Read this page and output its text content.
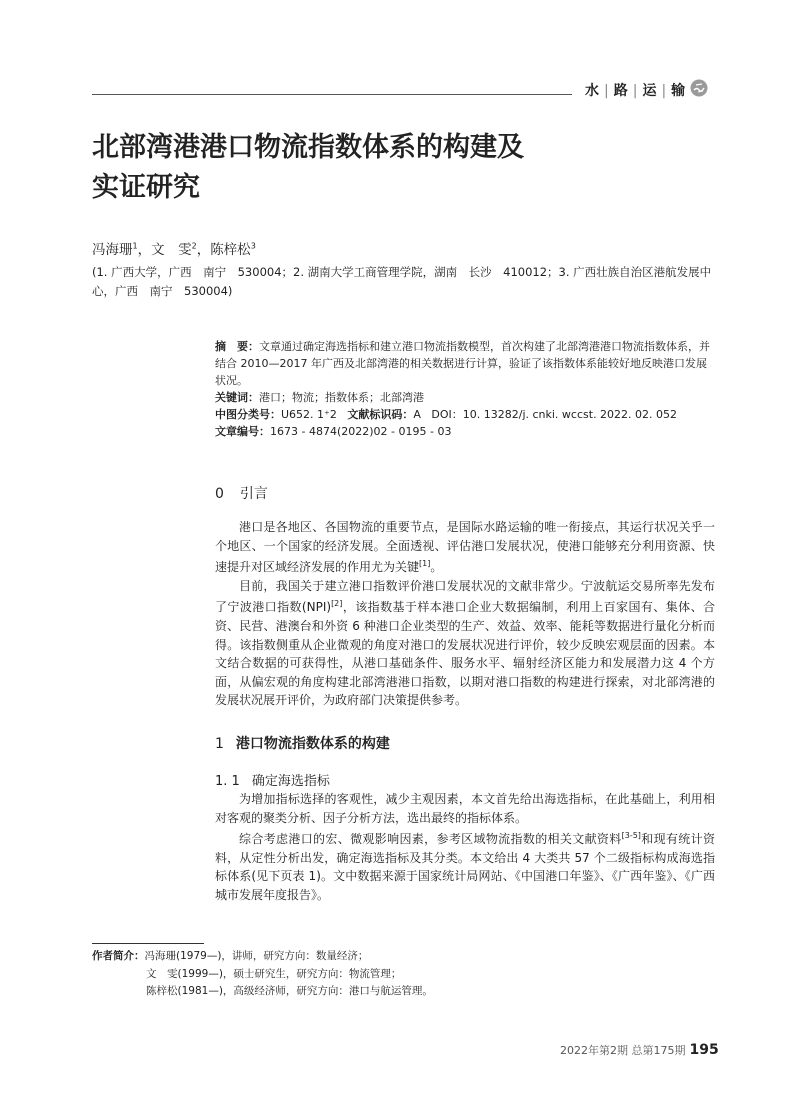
水 | 路 | 运 | 输
北部湾港港口物流指数体系的构建及
实证研究
冯海珊$^1$，文　雯$^2$，陈梓松$^3$
(1. 广西大学，广西　南宁　530004；2. 湖南大学工商管理学院，湖南　长沙　410012；3. 广西壮族自治区港航发展中心，广西　南宁　530004)
摘　要：文章通过确定海选指标和建立港口物流指数模型，首次构建了北部湾港港口物流指数体系，并结合 2010—2017 年广西及北部湾港的相关数据进行计算，验证了该指数体系能较好地反映港口发展状况。
关键词：港口；物流；指数体系；北部湾港
中图分类号：U652. 1⁺2 文献标识码：A DOI：10. 13282/j. cnki. wccst. 2022. 02. 052
文章编号：1673 - 4874(2022)02 - 0195 - 03
0 引言

港口是各地区、各国物流的重要节点，是国际水路运输的唯一衔接点，其运行状况关乎一个地区、一个国家的经济发展。全面透视、评估港口发展状况，使港口能够充分利用资源、快速提升对区域经济发展的作用尤为关键[1]。

目前，我国关于建立港口指数评价港口发展状况的文献非常少。宁波航运交易所率先发布了宁波港口指数(NPI)[2]，该指数基于样本港口企业大数据编制，利用上百家国有、集体、合资、民营、港澳台和外资 6 种港口企业类型的生产、效益、效率、能耗等数据进行量化分析而得。该指数侧重从企业微观的角度对港口的发展状况进行评价，较少反映宏观层面的因素。本文结合数据的可获得性，从港口基础条件、服务水平、辐射经济区能力和发展潜力这 4 个方面，从偏宏观的角度构建北部湾港港口指数，以期对港口指数的构建进行探索，对北部湾港的发展状况展开评价，为政府部门决策提供参考。

1 港口物流指数体系的构建
1. 1 确定海选指标

为增加指标选择的客观性，减少主观因素，本文首先给出海选指标，在此基础上，利用相对客观的聚类分析、因子分析方法，选出最终的指标体系。

综合考虑港口的宏、微观影响因素，参考区域物流指数的相关文献资料[3-5]和现有统计资料，从定性分析出发，确定海选指标及其分类。本文给出 4 大类共 57 个二级指标构成海选指标体系(见下页表 1)。文中数据来源于国家统计局网站、《中国港口年鉴》、《广西年鉴》、《广西城市发展年度报告》。

作者简介：冯海珊(1979—)，讲师，研究方向：数量经济；
文　雯(1999—)，硕士研究生，研究方向：物流管理；
陈梓松(1981—)，高级经济师，研究方向：港口与航运管理。
2022年第2期 总第175期 195
